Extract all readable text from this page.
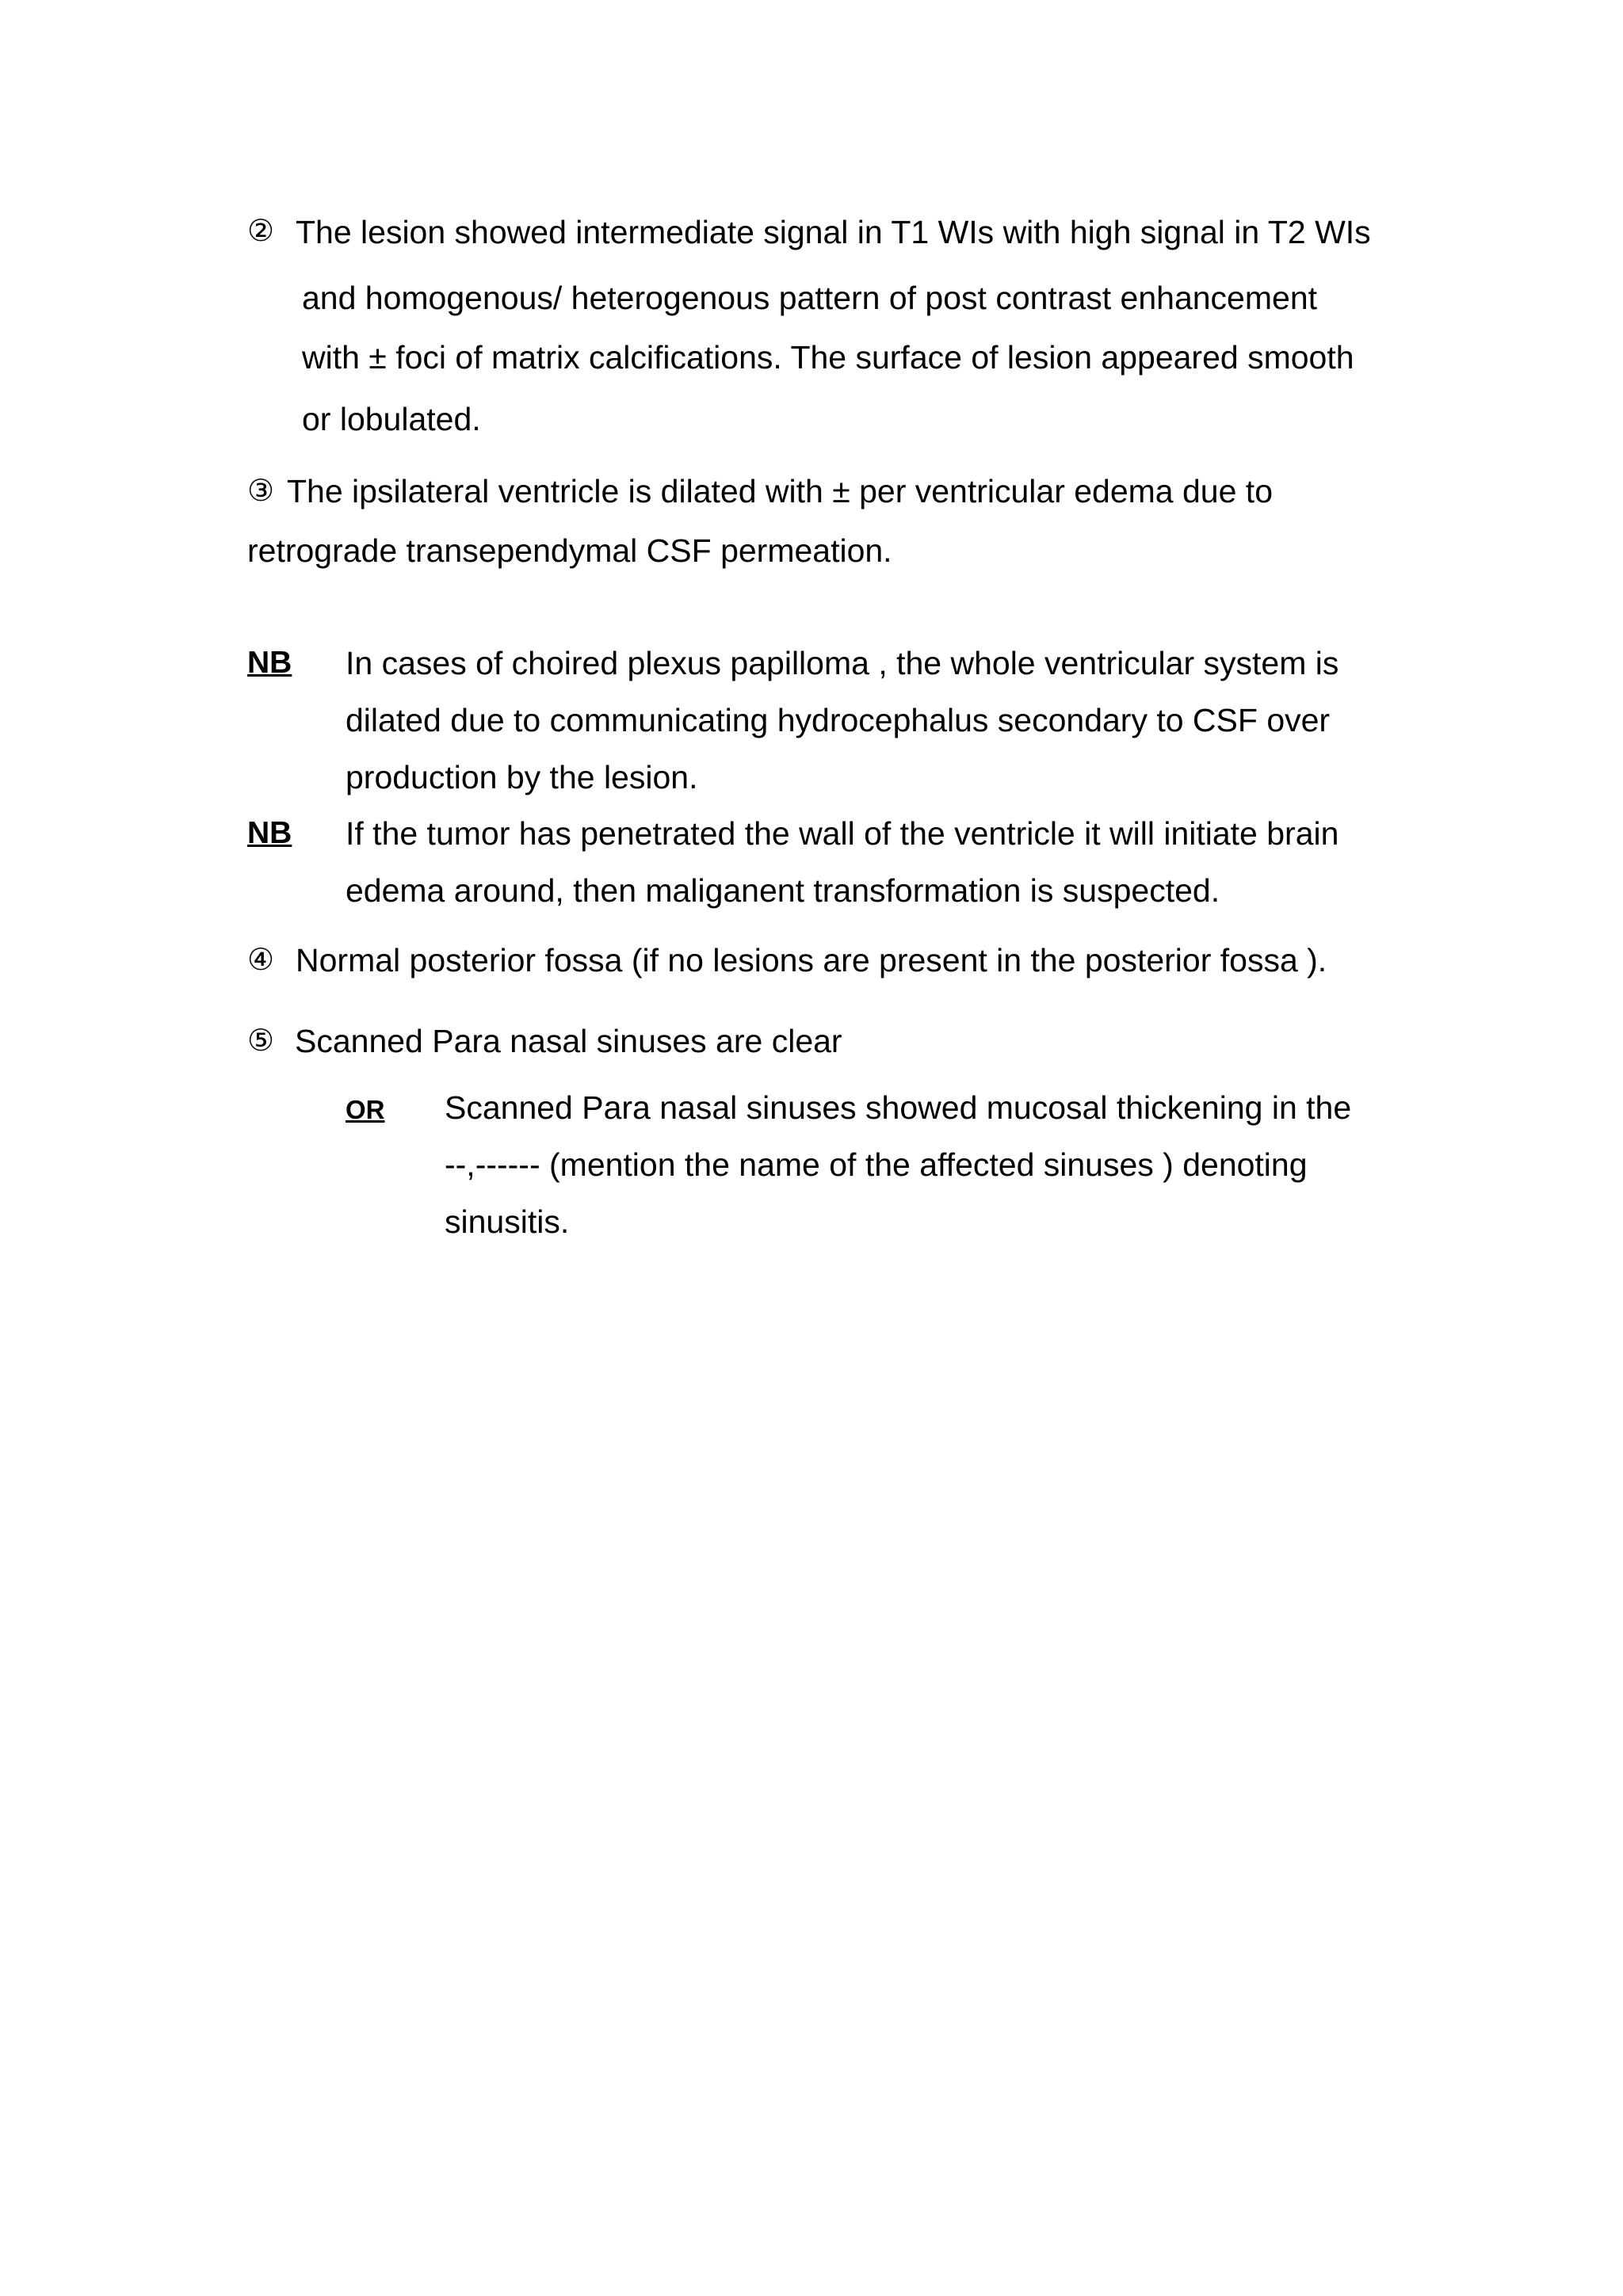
② The lesion showed intermediate signal in T1 WIs with high signal in T2 WIs
and homogenous/ heterogenous pattern of post contrast enhancement
with ± foci of matrix calcifications. The surface of lesion appeared smooth
or lobulated.
③ The ipsilateral ventricle is dilated with ± per ventricular edema due to
retrograde transependymal CSF permeation.
NB In cases of choired plexus papilloma , the whole ventricular system is
dilated due to communicating hydrocephalus secondary to CSF over
production by the lesion.
NB If the tumor has penetrated the wall of the ventricle it will initiate brain
edema around, then maliganent transformation is suspected.
④ Normal posterior fossa (if no lesions are present in the posterior fossa ).
⑤ Scanned Para nasal sinuses are clear
OR Scanned Para nasal sinuses showed mucosal thickening in the
--,------ (mention the name of the affected sinuses ) denoting
sinusitis.
